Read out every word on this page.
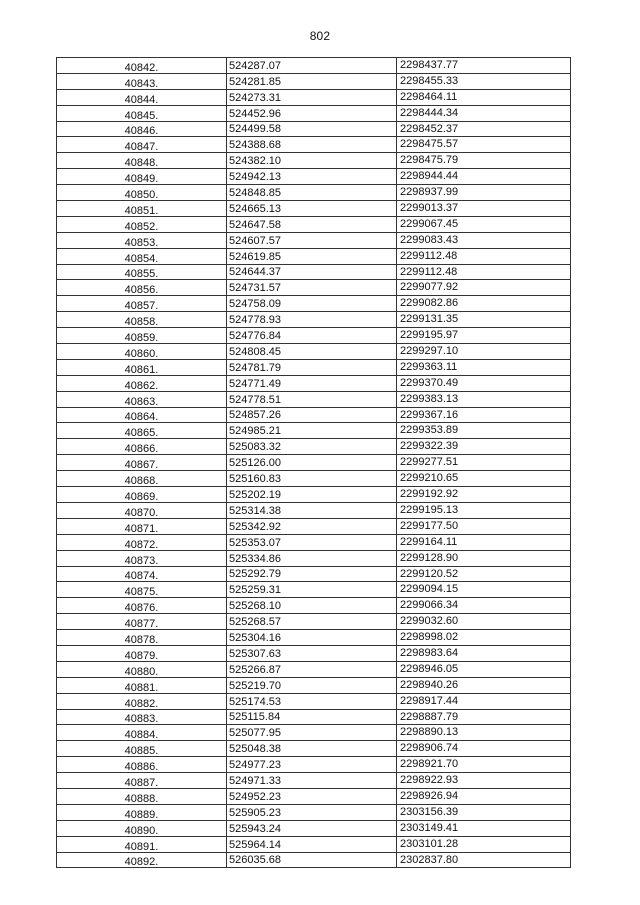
802
40842.	524287.07	2298437.77
40843.	524281.85	2298455.33
40844.	524273.31	2298464.11
40845.	524452.96	2298444.34
40846.	524499.58	2298452.37
40847.	524388.68	2298475.57
40848.	524382.10	2298475.79
40849.	524942.13	2298944.44
40850.	524848.85	2298937.99
40851.	524665.13	2299013.37
40852.	524647.58	2299067.45
40853.	524607.57	2299083.43
40854.	524619.85	2299112.48
40855.	524644.37	2299112.48
40856.	524731.57	2299077.92
40857.	524758.09	2299082.86
40858.	524778.93	2299131.35
40859.	524776.84	2299195.97
40860.	524808.45	2299297.10
40861.	524781.79	2299363.11
40862.	524771.49	2299370.49
40863.	524778.51	2299383.13
40864.	524857.26	2299367.16
40865.	524985.21	2299353.89
40866.	525083.32	2299322.39
40867.	525126.00	2299277.51
40868.	525160.83	2299210.65
40869.	525202.19	2299192.92
40870.	525314.38	2299195.13
40871.	525342.92	2299177.50
40872.	525353.07	2299164.11
40873.	525334.86	2299128.90
40874.	525292.79	2299120.52
40875.	525259.31	2299094.15
40876.	525268.10	2299066.34
40877.	525268.57	2299032.60
40878.	525304.16	2298998.02
40879.	525307.63	2298983.64
40880.	525266.87	2298946.05
40881.	525219.70	2298940.26
40882.	525174.53	2298917.44
40883.	525115.84	2298887.79
40884.	525077.95	2298890.13
40885.	525048.38	2298906.74
40886.	524977.23	2298921.70
40887.	524971.33	2298922.93
40888.	524952.23	2298926.94
40889.	525905.23	2303156.39
40890.	525943.24	2303149.41
40891.	525964.14	2303101.28
40892.	526035.68	2302837.80
